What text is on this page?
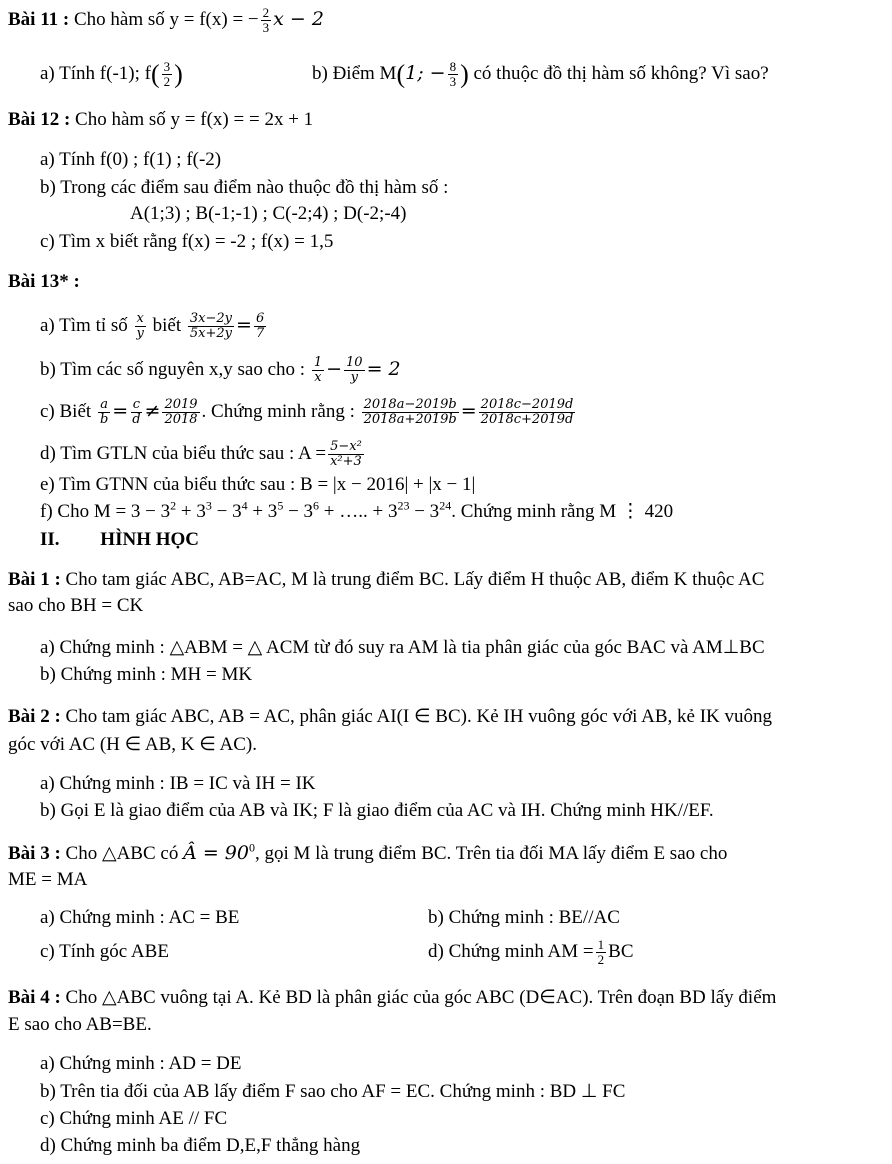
Bài 11 : Cho hàm số y = f(x) = − $\frac{2}{3}$ x − 2
a) Tính f(-1); $f( \frac{3}{2}$ )	b) Điểm M(1; − $\frac{8}{3}$ ) có thuộc đồ thị hàm số không? Vì sao?
Bài 12 : Cho hàm số y = f(x) = = 2x + 1
a) Tính f(0) ; f(1) ; f(-2)
b) Trong các điểm sau điểm nào thuộc đồ thị hàm số :
A(1;3) ; B(-1;-1) ; C(-2;4) ; D(-2;-4)
c) Tìm x biết rằng f(x) = -2 ; f(x) = 1,5
Bài 13* :
a) Tìm tỉ số $\frac{x}{y}$ biết $\frac{3x-2y}{5x+2y} = \frac{6}{7}$
b) Tìm các số nguyên x,y sao cho : $\frac{1}{x} - \frac{10}{y} = 2$
c) Biết $\frac{a}{b} = \frac{c}{d} \ne \frac{2019}{2018}$ . Chứng minh rằng : $\frac{2018a-2019b}{2018a+2019b} = \frac{2018c-2019d}{2018c+2019d}$
d) Tìm GTLN của biểu thức sau : $A = \frac{\text{5−x²}}{\text{x²+3}}$
e) Tìm GTNN của biểu thức sau : B = |x − 2016| + |x − 1|
f) Cho $M = 3 - 3^2 + 3^3 - 3^4 + 3^5 - 3^6$ + ….. + $3^{23} - 3^{24}$. Chứng minh rằng M ⋮ 420
II. HÌNH HỌC
Bài 1 : Cho tam giác ABC, AB=AC, M là trung điểm BC. Lấy điểm H thuộc AB, điểm K thuộc AC
sao cho BH = CK
a) Chứng minh : △ABM = △ ACM từ đó suy ra AM là tia phân giác của góc BAC và AM⊥BC
b) Chứng minh : MH = MK
Bài 2 : Cho tam giác ABC, AB = AC, phân giác AI(I ∈ BC). Kẻ IH vuông góc với AB, kẻ IK vuông
góc với AC (H ∈ AB, K ∈ AC).
a) Chứng minh : IB = IC và IH = IK
b) Gọi E là giao điểm của AB và IK; F là giao điểm của AC và IH. Chứng minh HK//EF.
Bài 3 : Cho △ABC có Â = $90^0$, gọi M là trung điểm BC. Trên tia đối MA lấy điểm E sao cho
ME = MA
a) Chứng minh : AC = BE	b) Chứng minh : BE//AC
c) Tính góc ABE	d) Chứng minh AM = $\frac{1}{2}$ BC
Bài 4 : Cho △ABC vuông tại A. Kẻ BD là phân giác của góc ABC (D∈AC). Trên đoạn BD lấy điểm
E sao cho AB=BE.
a) Chứng minh : AD = DE
b) Trên tia đối của AB lấy điểm F sao cho AF = EC. Chứng minh : BD ⊥ FC
c) Chứng minh AE // FC
d) Chứng minh ba điểm D,E,F thẳng hàng
